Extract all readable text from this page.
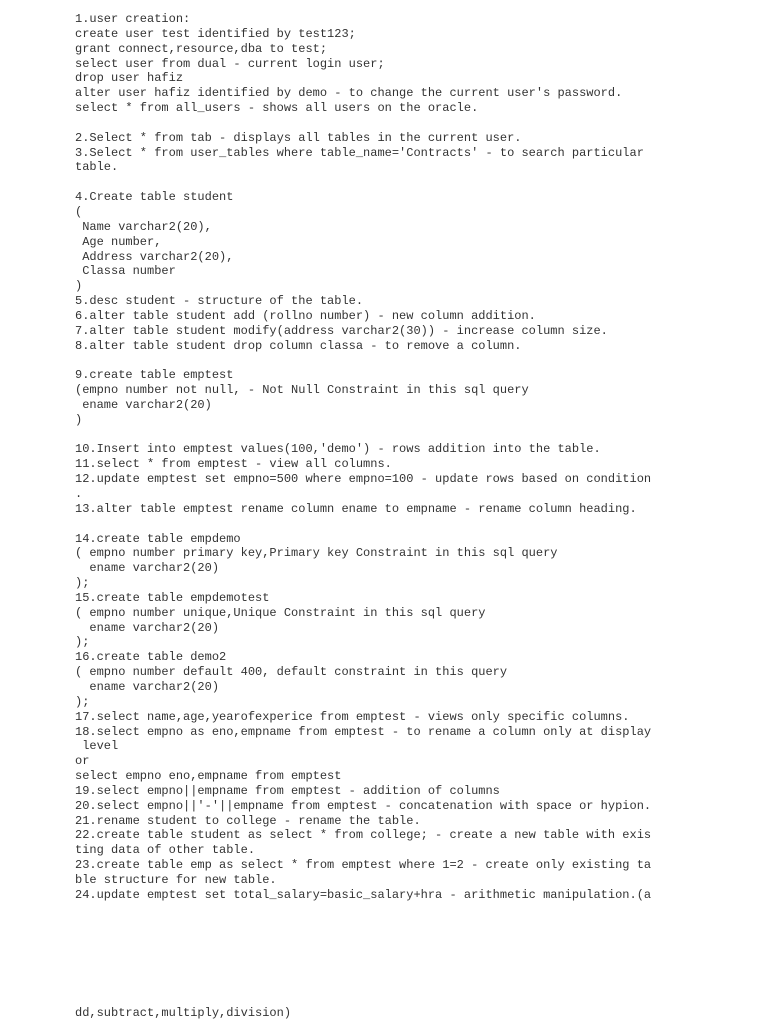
1.user creation:
create user test identified by test123;
grant connect,resource,dba to test;
select user from dual - current login user;
drop user hafiz
alter user hafiz identified by demo - to change the current user's password.
select * from all_users - shows all users on the oracle.
2.Select * from tab - displays all tables in the current user.
3.Select * from user_tables where table_name='Contracts' - to search particular
table.
4.Create table student
(
Name varchar2(20),
Age number,
Address varchar2(20),
Classa number
)
5.desc student - structure of the table.
6.alter table student add (rollno number) - new column addition.
7.alter table student modify(address varchar2(30)) - increase column size.
8.alter table student drop column classa - to remove a column.
9.create table emptest
(empno number not null, - Not Null Constraint in this sql query
ename varchar2(20)
)
10.Insert into emptest values(100,'demo') - rows addition into the table.
11.select * from emptest - view all columns.
12.update emptest set empno=500 where empno=100 - update rows based on condition
.
13.alter table emptest rename column ename to empname - rename column heading.
14.create table empdemo
( empno number primary key,Primary key Constraint in this sql query
ename varchar2(20)
);
15.create table empdemotest
( empno number unique,Unique Constraint in this sql query
ename varchar2(20)
);
16.create table demo2
( empno number default 400, default constraint in this query
ename varchar2(20)
);
17.select name,age,yearofexperice from emptest - views only specific columns.
18.select empno as eno,empname from emptest - to rename a column only at display
level
or
select empno eno,empname from emptest
19.select empno||empname from emptest - addition of columns
20.select empno||'-'||empname from emptest - concatenation with space or hypion.
21.rename student to college - rename the table.
22.create table student as select * from college; - create a new table with exis
ting data of other table.
23.create table emp as select * from emptest where 1=2 - create only existing ta
ble structure for new table.
24.update emptest set total_salary=basic_salary+hra - arithmetic manipulation.(a
dd,subtract,multiply,division)
